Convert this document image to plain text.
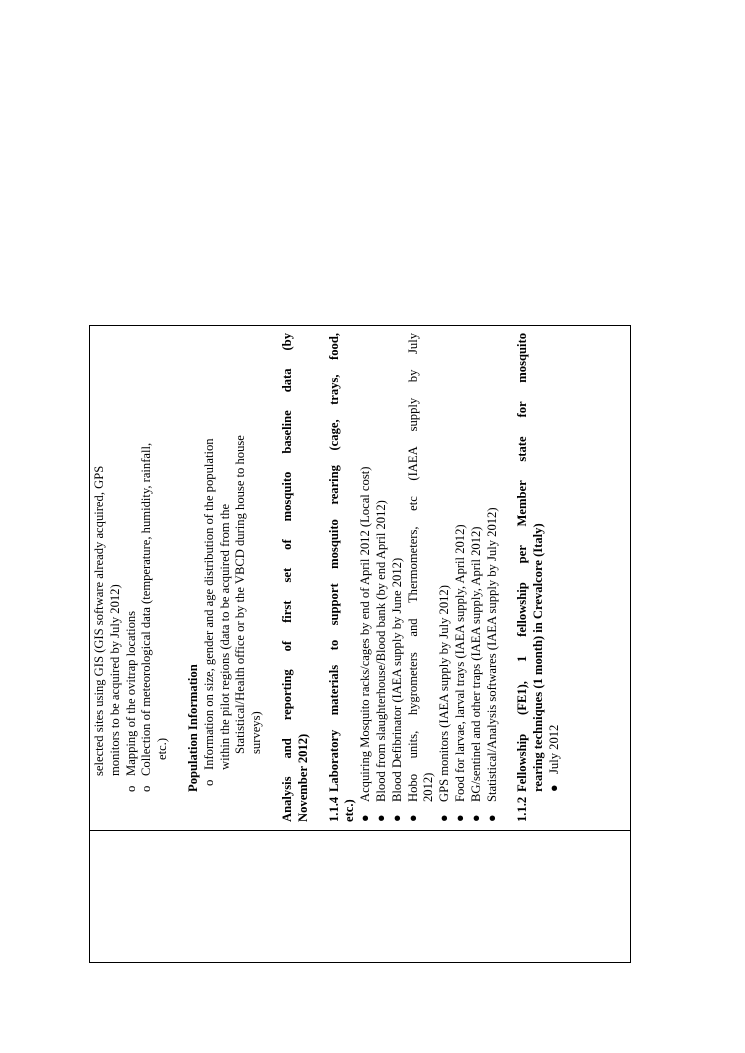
selected sites using GIS (GIS software already acquired, GPS monitors to be acquired by July 2012)

o
Mapping of the ovitrap locations
o
Collection of meteorological data (temperature, humidity, rainfall, etc.) Population Information o
Information on size, gender and age distribution of the population within the pilot regions (data to be acquired from the Statistical/Health office or by the VBCD during house to house surveys) Analysis and reporting of first set of mosquito baseline data (by November 2012) 1.1.4
Laboratory materials to support mosquito rearing (cage, trays, food,

etc.) ●
Acquiring Mosquito racks/cages by end of April 2012 (Local cost)
●
Blood from slaughterhouse/Blood bank (by end April 2012)
●
Blood Defibrinator (IAEA supply by June 2012)
●
Hobo units, hygrometers and Thermometers, etc (IAEA supply by July 2012)
●
GPS monitors (IAEA supply by July 2012)
●
Food for larvae, larval trays (IAEA supply, April 2012)
●
BG/sentinel and other traps (IAEA supply, April 2012)
●
Statistical/Analysis softwares (IAEA supply by July 2012)
1.1.2
Fellowship (FE1), 1 fellowship per Member state for mosquito rearing techniques (1 month) in Crevalcore (Italy) ●
July 2012
